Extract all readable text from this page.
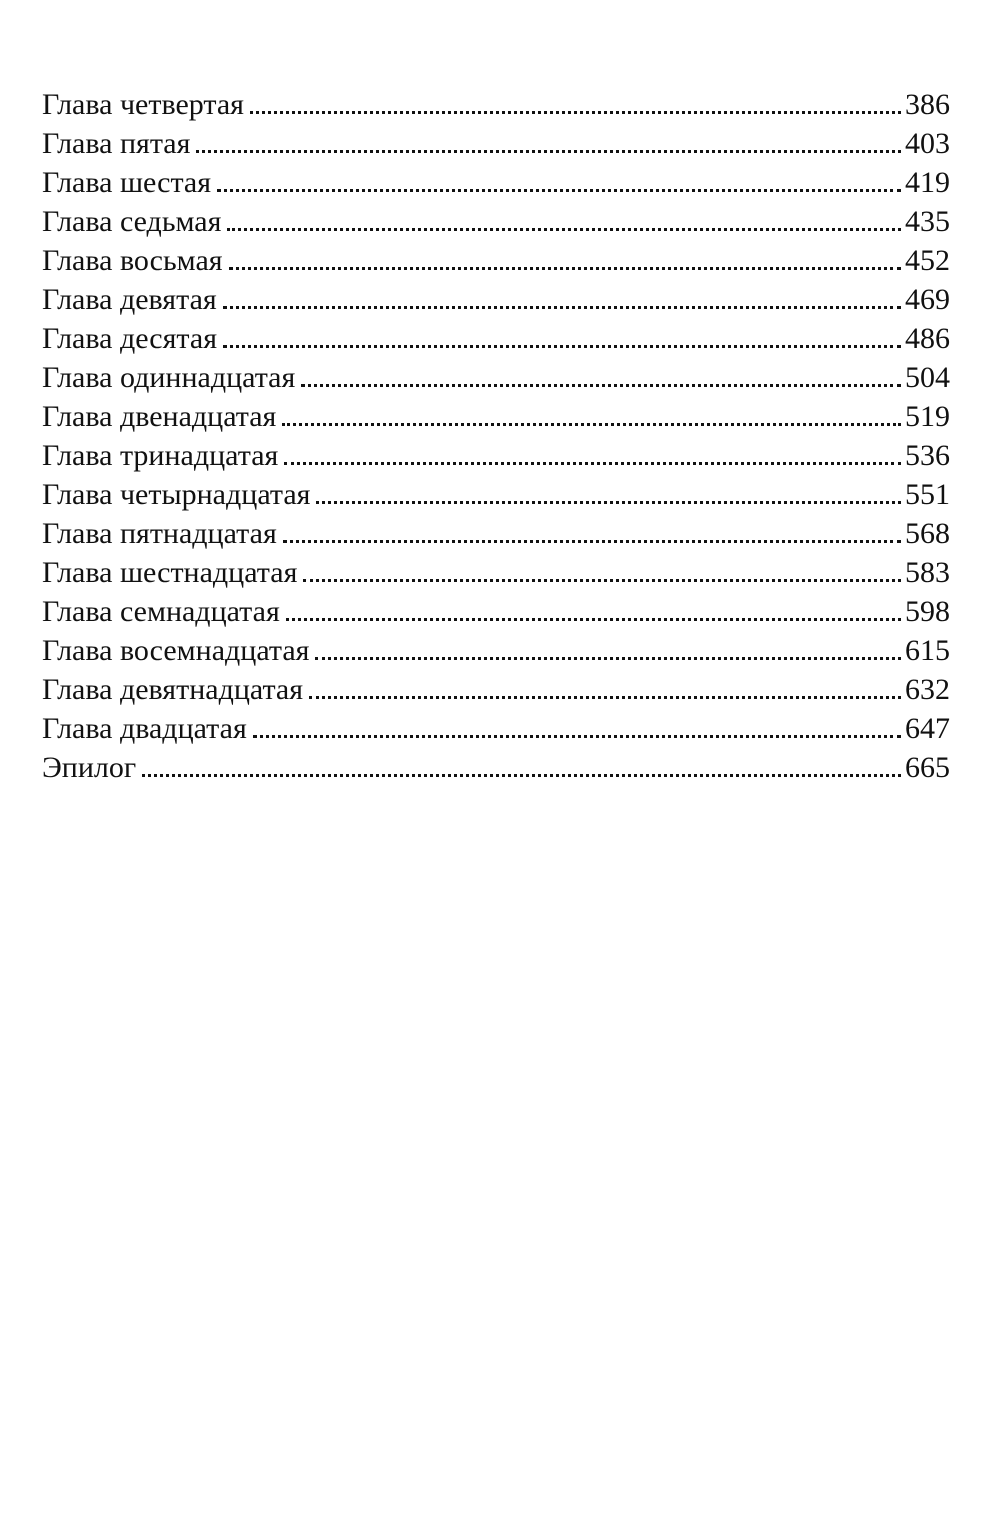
Глава четвертая	386
Глава пятая	403
Глава шестая	419
Глава седьмая	435
Глава восьмая	452
Глава девятая	469
Глава десятая	486
Глава одиннадцатая	504
Глава двенадцатая	519
Глава тринадцатая	536
Глава четырнадцатая	551
Глава пятнадцатая	568
Глава шестнадцатая	583
Глава семнадцатая	598
Глава восемнадцатая	615
Глава девятнадцатая	632
Глава двадцатая	647
Эпилог	665
